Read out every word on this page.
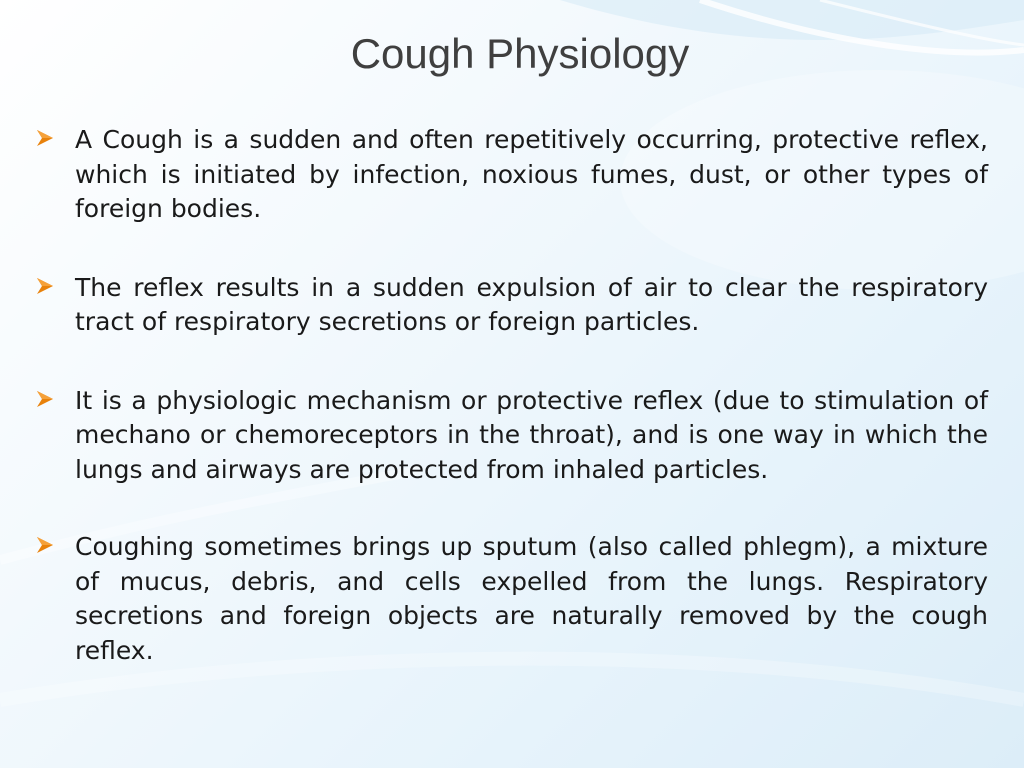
Cough Physiology
A Cough is a sudden and often repetitively occurring, protective reflex, which is initiated by infection, noxious fumes, dust, or other types of foreign bodies.
The reflex results in a sudden expulsion of air to clear the respiratory tract of respiratory secretions or foreign particles.
It is a physiologic mechanism or protective reflex (due to stimulation of mechano or chemoreceptors in the throat), and is one way in which the lungs and airways are protected from inhaled particles.
Coughing sometimes brings up sputum (also called phlegm), a mixture of mucus, debris, and cells expelled from the lungs. Respiratory secretions and foreign objects are naturally removed by the cough reflex.
